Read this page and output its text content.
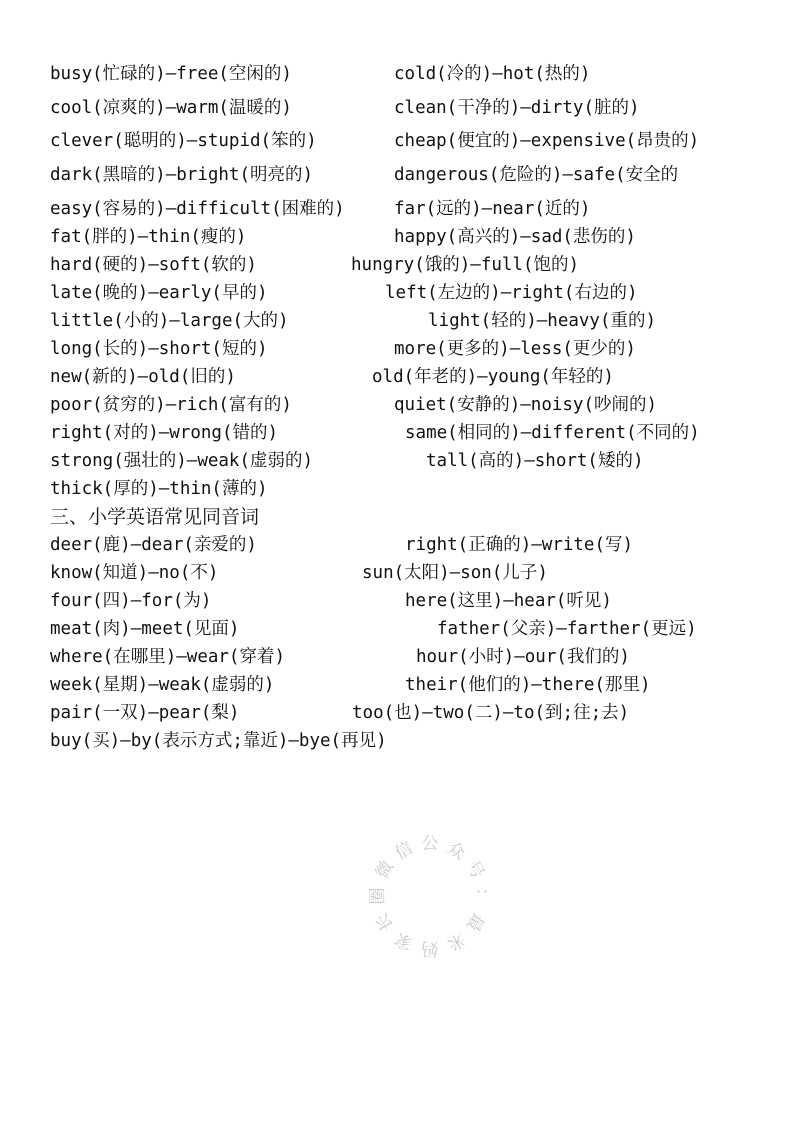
busy(忙碌的)—free(空闲的)
cool(凉爽的)—warm(温暖的)
clever(聪明的)—stupid(笨的)
dark(黑暗的)—bright(明亮的)
easy(容易的)—difficult(困难的)
fat(胖的)—thin(瘦的)
hard(硬的)—soft(软的)
late(晚的)—early(早的)
little(小的)—large(大的)
long(长的)—short(短的)
new(新的)—old(旧的)
poor(贫穷的)—rich(富有的)
right(对的)—wrong(错的)
strong(强壮的)—weak(虚弱的)
thick(厚的)—thin(薄的)
cold(冷的)—hot(热的)
clean(干净的)—dirty(脏的)
cheap(便宜的)—expensive(昂贵的)
dangerous(危险的)—safe(安全的
far(远的)—near(近的)
happy(高兴的)—sad(悲伤的)
hungry(饿的)—full(饱的)
left(左边的)—right(右边的)
light(轻的)—heavy(重的)
more(更多的)—less(更少的)
old(年老的)—young(年轻的)
quiet(安静的)—noisy(吵闹的)
same(相同的)—different(不同的)
tall(高的)—short(矮的)
三、小学英语常见同音词
deer(鹿)—dear(亲爱的)
know(知道)—no(不)
four(四)—for(为)
meat(肉)—meet(见面)
where(在哪里)—wear(穿着)
week(星期)—weak(虚弱的)
pair(一双)—pear(梨)
buy(买)—by(表示方式;靠近)—bye(再见)
right(正确的)—write(写)
sun(太阳)—son(儿子)
here(这里)—hear(听见)
father(父亲)—farther(更远)
hour(小时)—our(我们的)
their(他们的)—there(那里)
too(也)—two(二)—to(到;往;去)
微
信 公 众
号
：
最
米
妈
家
长
圈
